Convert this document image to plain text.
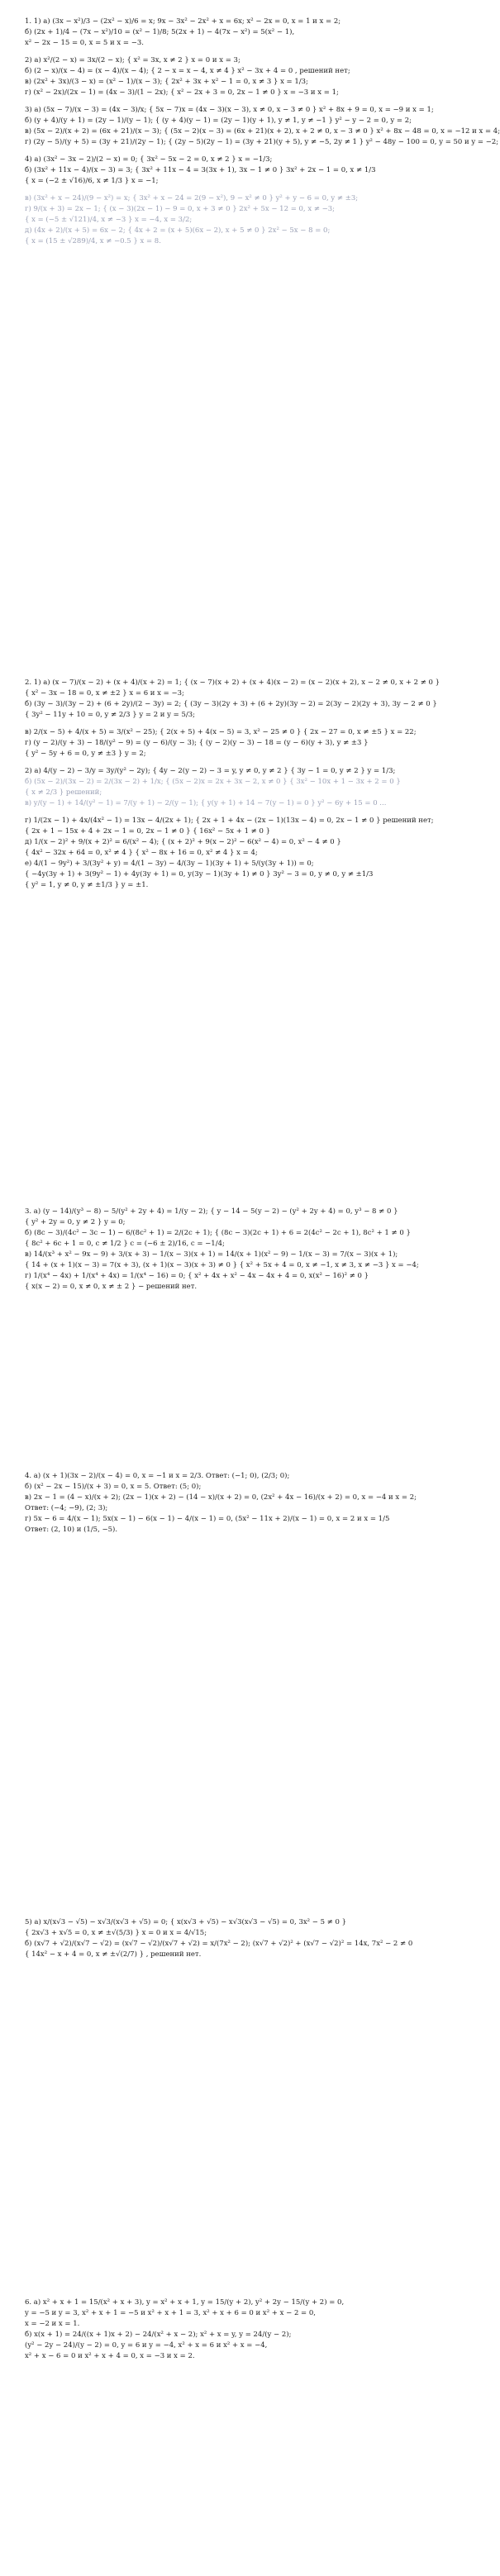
1. 1) а) (3x − x²)/3 − (2x² − x)/6 = x; 9x − 3x² − 2x² + x = 6x; x² − 2x = 0, x = 1 и x = 2;
б) (2x + 1)/4 − (7x − x²)/10 = (x² − 1)/8; 5(2x + 1) − 4(7x − x²) = 5(x² − 1),
x² − 2x − 15 = 0, x = 5 и x = −3.
2) а) x²/(2 − x) = 3x/(2 − x); { x² = 3x, x ≠ 2 } x = 0 и x = 3;
б) (2 − x)/(x − 4) = (x − 4)/(x − 4); { 2 − x = x − 4, x ≠ 4 } x² − 3x + 4 = 0 , решений нет;
в) (2x² + 3x)/(3 − x) = (x² − 1)/(x − 3); { 2x² + 3x + x² − 1 = 0, x ≠ 3 } x = 1/3;
г) (x² − 2x)/(2x − 1) = (4x − 3)/(1 − 2x); { x² − 2x + 3 = 0, 2x − 1 ≠ 0 } x = −3 и x = 1;
3) а) (5x − 7)/(x − 3) = (4x − 3)/x; { 5x − 7)x = (4x − 3)(x − 3), x ≠ 0, x − 3 ≠ 0 } x² + 8x + 9 = 0, x = −9 и x = 1;
б) (y + 4)/(y + 1) = (2y − 1)/(y − 1); { (y + 4)(y − 1) = (2y − 1)(y + 1), y ≠ 1, y ≠ −1 } y² − y − 2 = 0, y = 2;
в) (5x − 2)/(x + 2) = (6x + 21)/(x − 3); { (5x − 2)(x − 3) = (6x + 21)(x + 2), x + 2 ≠ 0, x − 3 ≠ 0 } x² + 8x − 48 = 0, x = −12 и x = 4;
г) (2y − 5)/(y + 5) = (3y + 21)/(2y − 1); { (2y − 5)(2y − 1) = (3y + 21)(y + 5), y ≠ −5, 2y ≠ 1 } y² − 48y − 100 = 0, y = 50 и y = −2;
4) а) (3x² − 3x − 2)/(2 − x) = 0; { 3x² − 5x − 2 = 0, x ≠ 2 } x = −1/3;
б) (3x² + 11x − 4)/(x − 3) = 3; { 3x² + 11x − 4 = 3(3x + 1), 3x − 1 ≠ 0 } 3x² + 2x − 1 = 0, x ≠ 1/3
{ x = (−2 ± √16)/6, x ≠ 1/3 } x = −1;
в) (3x² + x − 24)/(9 − x²) = x; { 3x² + x − 24 = 2(9 − x²), 9 − x² ≠ 0 } y² + y − 6 = 0, y ≠ ±3;
г) 9/(x + 3) = 2x − 1; { (x − 3)(2x − 1) − 9 = 0, x + 3 ≠ 0 } 2x² + 5x − 12 = 0, x ≠ −3;
{ x = (−5 ± √121)/4, x ≠ −3 } x = −4, x = 3/2;
д) (4x + 2)/(x + 5) = 6x − 2; { 4x + 2 = (x + 5)(6x − 2), x + 5 ≠ 0 } 2x² − 5x − 8 = 0;
{ x = (15 ± √289)/4, x ≠ −0.5 } x = 8.
2. 1) а) (x − 7)/(x − 2) + (x + 4)/(x + 2) = 1; { (x − 7)(x + 2) + (x + 4)(x − 2) = (x − 2)(x + 2), x − 2 ≠ 0, x + 2 ≠ 0 }
{ x² − 3x − 18 = 0, x ≠ ±2 } x = 6 и x = −3;
б) (3y − 3)/(3y − 2) + (6 + 2y)/(2 − 3y) = 2; { (3y − 3)(2y + 3) + (6 + 2y)(3y − 2) = 2(3y − 2)(2y + 3), 3y − 2 ≠ 0 }
{ 3y² − 11y + 10 = 0, y ≠ 2/3 } y = 2 и y = 5/3;
в) 2/(x − 5) + 4/(x + 5) = 3/(x² − 25); { 2(x + 5) + 4(x − 5) = 3, x² − 25 ≠ 0 } { 2x − 27 = 0, x ≠ ±5 } x = 22;
г) (y − 2)/(y + 3) − 18/(y² − 9) = (y − 6)/(y − 3); { (y − 2)(y − 3) − 18 = (y − 6)(y + 3), y ≠ ±3 }
{ y² − 5y + 6 = 0, y ≠ ±3 } y = 2;
2) а) 4/(y − 2) − 3/y = 3y/(y² − 2y); { 4y − 2(y − 2) − 3 = y, y ≠ 0, y ≠ 2 } { 3y − 1 = 0, y ≠ 2 } y = 1/3;
б) (5x − 2)/(3x − 2) = 2/(3x − 2) + 1/x; { (5x − 2)x = 2x + 3x − 2, x ≠ 0 } { 3x² − 10x + 1 − 3x + 2 = 0 }
{ x ≠ 2/3 } решений;
в) y/(y − 1) + 14/(y² − 1) = 7/(y + 1) − 2/(y − 1); { y(y + 1) + 14 − 7(y − 1) = 0 } y² − 6y + 15 = 0 ...
г) 1/(2x − 1) + 4x/(4x² − 1) = 13x − 4/(2x + 1); { 2x + 1 + 4x − (2x − 1)(13x − 4) = 0, 2x − 1 ≠ 0 } решений нет;
{ 2x + 1 − 15x + 4 + 2x − 1 = 0, 2x − 1 ≠ 0 } { 16x² − 5x + 1 ≠ 0 }
д) 1/(x − 2)² + 9/(x + 2)² = 6/(x² − 4); { (x + 2)² + 9(x − 2)² − 6(x² − 4) = 0, x² − 4 ≠ 0 }
{ 4x² − 32x + 64 = 0, x² ≠ 4 } { x² − 8x + 16 = 0, x² ≠ 4 } x = 4;
е) 4/(1 − 9y²) + 3/(3y² + y) = 4/(1 − 3y) − 4/(3y − 1)(3y + 1) + 5/(y(3y + 1)) = 0;
{ −4y(3y + 1) + 3(9y² − 1) + 4y(3y + 1) = 0, y(3y − 1)(3y + 1) ≠ 0 } 3y² − 3 = 0, y ≠ 0, y ≠ ±1/3
{ y² = 1, y ≠ 0, y ≠ ±1/3 } y = ±1.
3. а) (y − 14)/(y³ − 8) − 5/(y² + 2y + 4) = 1/(y − 2); { y − 14 − 5(y − 2) − (y² + 2y + 4) = 0, y³ − 8 ≠ 0 }
{ y² + 2y = 0, y ≠ 2 } y = 0;
б) (8c − 3)/(4c² − 3c − 1) − 6/(8c² + 1) = 2/(2c + 1); { (8c − 3)(2c + 1) + 6 = 2(4c² − 2c + 1), 8c² + 1 ≠ 0 }
{ 8c² + 6c + 1 = 0, c ≠ 1/2 } c = (−6 ± 2)/16, c = −1/4;
в) 14/(x³ + x² − 9x − 9) + 3/(x + 3) − 1/(x − 3)(x + 1) = 14/(x + 1)(x² − 9) − 1/(x − 3) = 7/(x − 3)(x + 1);
{ 14 + (x + 1)(x − 3) = 7(x + 3), (x + 1)(x − 3)(x + 3) ≠ 0 } { x² + 5x + 4 = 0, x ≠ −1, x ≠ 3, x ≠ −3 } x = −4;
г) 1/(x⁴ − 4x) + 1/(x⁴ + 4x) = 1/(x⁴ − 16) = 0; { x² + 4x + x² − 4x − 4x + 4 = 0, x(x² − 16)² ≠ 0 }
{ x(x − 2) = 0, x ≠ 0, x ≠ ± 2 } − решений нет.
4. а) (x + 1)(3x − 2)/(x − 4) = 0, x = −1 и x = 2/3. Ответ: (−1; 0), (2/3; 0);
б) (x² − 2x − 15)/(x + 3) = 0, x = 5. Ответ: (5; 0);
в) 2x − 1 = (4 − x)/(x + 2); (2x − 1)(x + 2) − (14 − x)/(x + 2) = 0, (2x² + 4x − 16)/(x + 2) = 0, x = −4 и x = 2;
Ответ: (−4; −9), (2; 3);
г) 5x − 6 = 4/(x − 1); 5x(x − 1) − 6(x − 1) − 4/(x − 1) = 0, (5x² − 11x + 2)/(x − 1) = 0, x = 2 и x = 1/5
Ответ: (2, 10) и (1/5, −5).
5) а) x/(x√3 − √5) − x√3/(x√3 + √5) = 0; { x(x√3 + √5) − x√3(x√3 − √5) = 0, 3x² − 5 ≠ 0 }
{ 2x√3 + x√5 = 0, x ≠ ±√(5/3) } x = 0 и x = 4/√15;
б) (x√7 + √2)/(x√7 − √2) = (x√7 − √2)/(x√7 + √2) = x/(7x² − 2); (x√7 + √2)² + (x√7 − √2)² = 14x, 7x² − 2 ≠ 0
{ 14x² − x + 4 = 0, x ≠ ±√(2/7) } , решений нет.
6. а) x² + x + 1 = 15/(x² + x + 3), y = x² + x + 1, y = 15/(y + 2), y² + 2y − 15/(y + 2) = 0,
y = −5 и y = 3, x² + x + 1 = −5 и x² + x + 1 = 3, x² + x + 6 = 0 и x² + x − 2 = 0,
x = −2 и x = 1.
б) x(x + 1) = 24/((x + 1)x + 2) − 24/(x² + x − 2); x² + x = y, y = 24/(y − 2);
(y² − 2y − 24)/(y − 2) = 0, y = 6 и y = −4, x² + x = 6 и x² + x = −4,
x² + x − 6 = 0 и x² + x + 4 = 0, x = −3 и x = 2.
